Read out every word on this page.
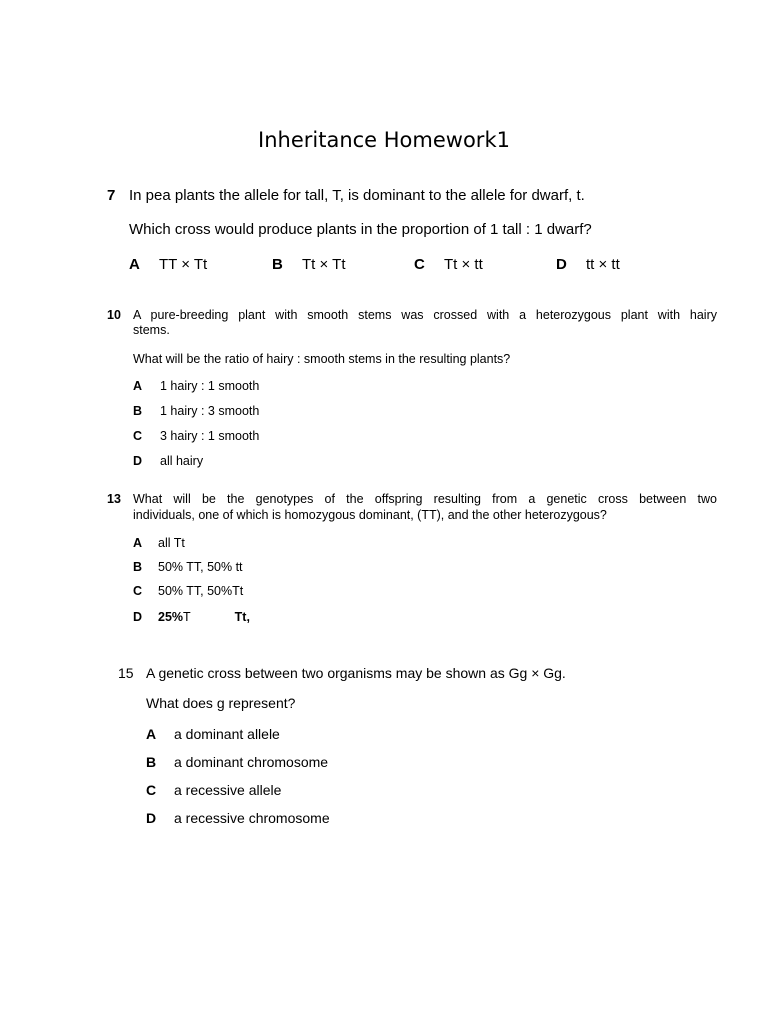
Inheritance Homework1
7 In pea plants the allele for tall, T, is dominant to the allele for dwarf, t.
Which cross would produce plants in the proportion of 1 tall : 1 dwarf?
A TT × Tt	B Tt × Tt	C Tt × tt	D tt × tt
10 A pure-breeding plant with smooth stems was crossed with a heterozygous plant with hairy
stems.
What will be the ratio of hairy : smooth stems in the resulting plants?
A 1 hairy : 1 smooth
B 1 hairy : 3 smooth
C 3 hairy : 1 smooth
D all hairy
13 What will be the genotypes of the offspring resulting from a genetic cross between two
individuals, one of which is homozygous dominant, (TT), and the other heterozygous?
A all Tt
B 50% TT, 50% tt
C 50% TT, 50%Tt
D 25%T	Tt,
15 A genetic cross between two organisms may be shown as Gg × Gg.
What does g represent?
A a dominant allele
B a dominant chromosome
C a recessive allele
D a recessive chromosome
